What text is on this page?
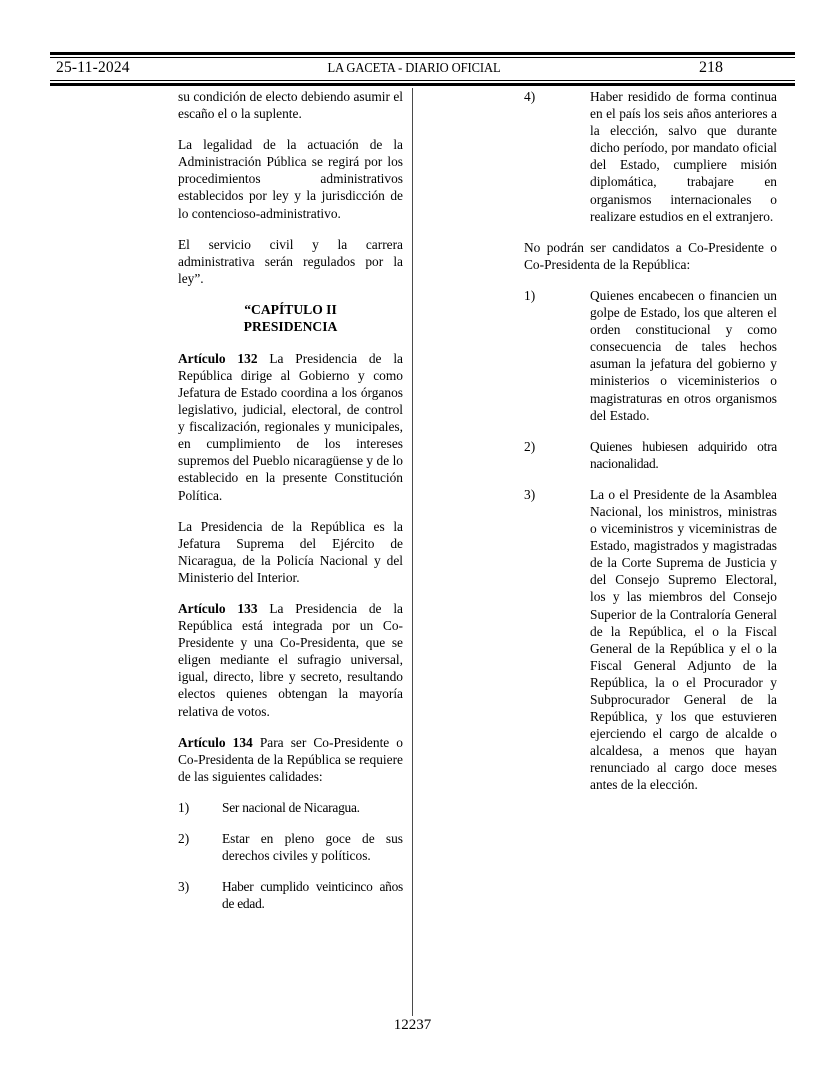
25-11-2024	LA GACETA - DIARIO OFICIAL	218

su condición de electo debiendo asumir el escaño el o la suplente.

La legalidad de la actuación de la Administración Pública se regirá por los procedimientos administrativos establecidos por ley y la jurisdicción de lo contencioso-administrativo.

El servicio civil y la carrera administrativa serán regulados por la ley”.

“CAPÍTULO II
PRESIDENCIA

Artículo 132 La Presidencia de la República dirige al Gobierno y como Jefatura de Estado coordina a los órganos legislativo, judicial, electoral, de control y fiscalización, regionales y municipales, en cumplimiento de los intereses supremos del Pueblo nicaragüense y de lo establecido en la presente Constitución Política.

La Presidencia de la República es la Jefatura Suprema del Ejército de Nicaragua, de la Policía Nacional y del Ministerio del Interior.

Artículo 133 La Presidencia de la República está integrada por un Co-Presidente y una Co-Presidenta, que se eligen mediante el sufragio universal, igual, directo, libre y secreto, resultando electos quienes obtengan la mayoría relativa de votos.

Artículo 134 Para ser Co-Presidente o Co-Presidenta de la República se requiere de las siguientes calidades:

1)	Ser nacional de Nicaragua.
2)	Estar en pleno goce de sus derechos civiles y políticos.
3)	Haber cumplido veinticinco años de edad.
4)	Haber residido de forma continua en el país los seis años anteriores a la elección, salvo que durante dicho período, por mandato oficial del Estado, cumpliere misión diplomática, trabajare en organismos internacionales o realizare estudios en el extranjero.

No podrán ser candidatos a Co-Presidente o Co-Presidenta de la República:

1)	Quienes encabecen o financien un golpe de Estado, los que alteren el orden constitucional y como consecuencia de tales hechos asuman la jefatura del gobierno y ministerios o viceministerios o magistraturas en otros organismos del Estado.
2)	Quienes hubiesen adquirido otra nacionalidad.
3)	La o el Presidente de la Asamblea Nacional, los ministros, ministras o viceministros y viceministras de Estado, magistrados y magistradas de la Corte Suprema de Justicia y del Consejo Supremo Electoral, los y las miembros del Consejo Superior de la Contraloría General de la República, el o la Fiscal General de la República y el o la Fiscal General Adjunto de la República, la o el Procurador y Subprocurador General de la República, y los que estuvieren ejerciendo el cargo de alcalde o alcaldesa, a menos que hayan renunciado al cargo doce meses antes de la elección.
12237
